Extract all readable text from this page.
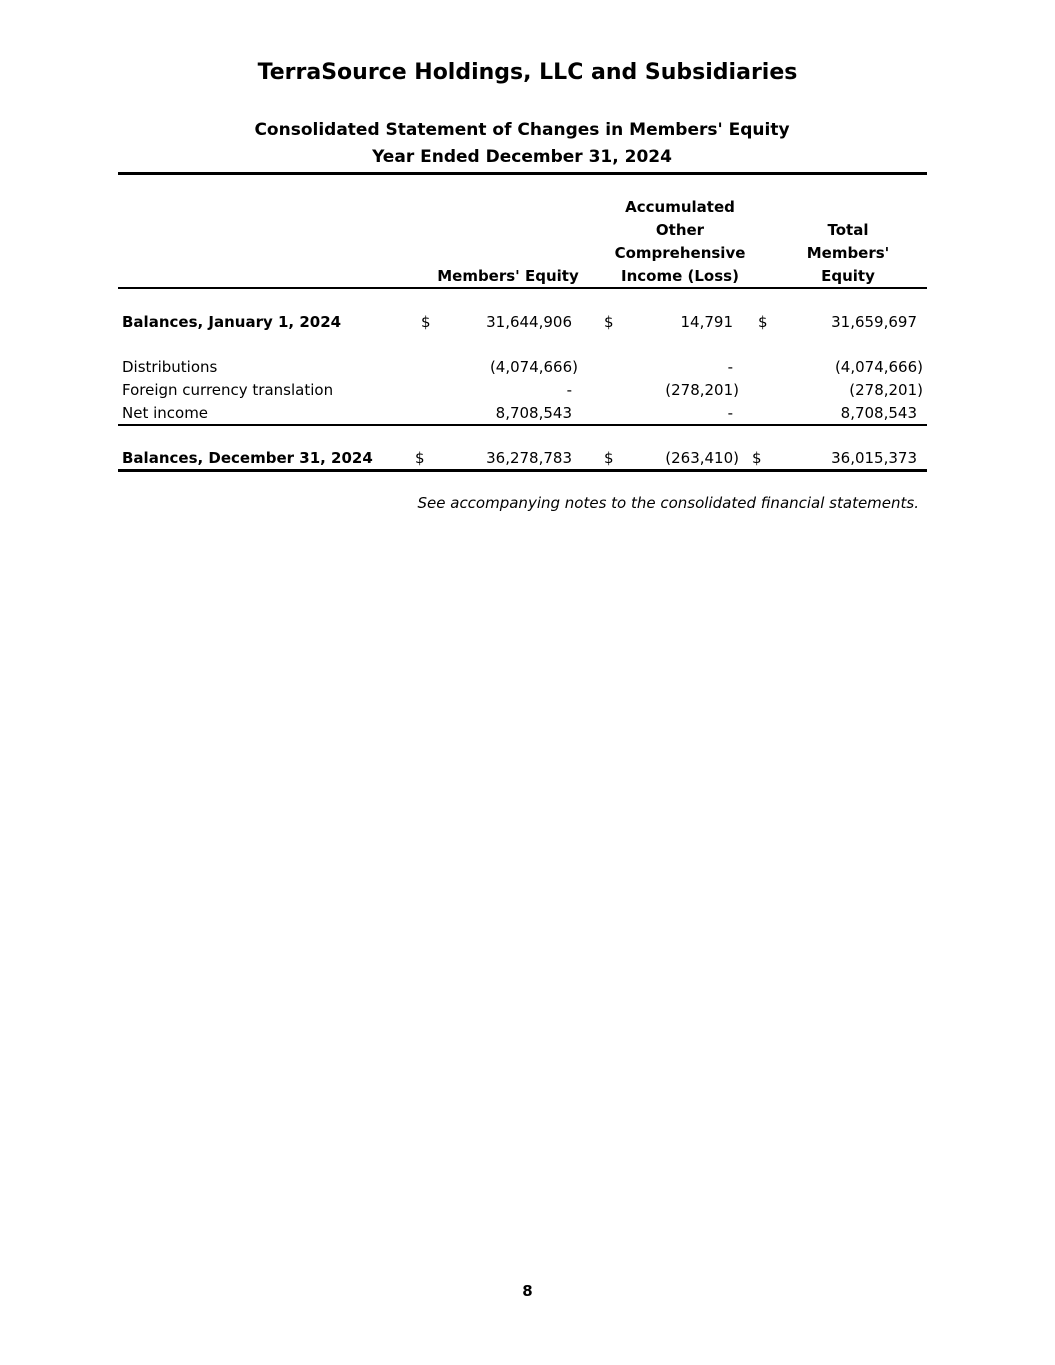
TerraSource Holdings, LLC and Subsidiaries
Consolidated Statement of Changes in Members' Equity
Year Ended December 31, 2024
Members' Equity
Accumulated
Other
Comprehensive
Income (Loss)
Total
Members'
Equity
Balances, January 1, 2024	$	31,644,906 $	14,791 $	31,659,697
Distributions	(4,074,666)	-	(4,074,666)
Foreign currency translation	-	(278,201)	(278,201)
Net income	8,708,543	-	8,708,543
Balances, December 31, 2024	$	36,278,783 $	(263,410) $	36,015,373
See accompanying notes to the consolidated financial statements.
8
